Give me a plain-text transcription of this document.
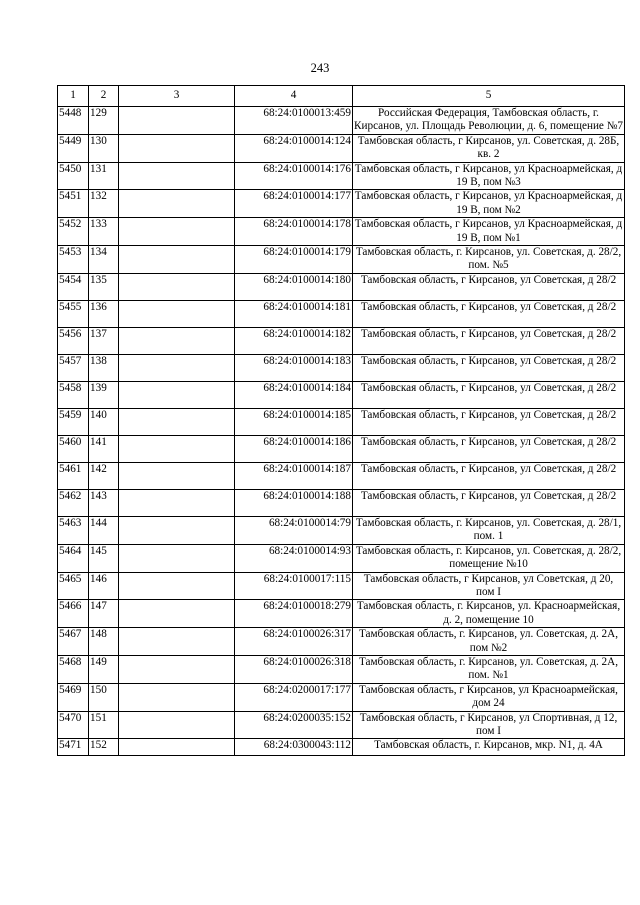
243
1	2	3	4	5
5448	129		68:24:0100013:459	Российская Федерация, Тамбовская область, г. Кирсанов, ул. Площадь Революции, д. 6, помещение №7
5449	130		68:24:0100014:124	Тамбовская область, г Кирсанов, ул. Советская, д. 28Б, кв. 2
5450	131		68:24:0100014:176	Тамбовская область, г Кирсанов, ул Красноармейская, д 19 В, пом №3
5451	132		68:24:0100014:177	Тамбовская область, г Кирсанов, ул Красноармейская, д 19 В, пом №2
5452	133		68:24:0100014:178	Тамбовская область, г Кирсанов, ул Красноармейская, д 19 В, пом №1
5453	134		68:24:0100014:179	Тамбовская область, г. Кирсанов, ул. Советская, д. 28/2, пом. №5
5454	135		68:24:0100014:180	Тамбовская область, г Кирсанов, ул Советская, д 28/2
5455	136		68:24:0100014:181	Тамбовская область, г Кирсанов, ул Советская, д 28/2
5456	137		68:24:0100014:182	Тамбовская область, г Кирсанов, ул Советская, д 28/2
5457	138		68:24:0100014:183	Тамбовская область, г Кирсанов, ул Советская, д 28/2
5458	139		68:24:0100014:184	Тамбовская область, г Кирсанов, ул Советская, д 28/2
5459	140		68:24:0100014:185	Тамбовская область, г Кирсанов, ул Советская, д 28/2
5460	141		68:24:0100014:186	Тамбовская область, г Кирсанов, ул Советская, д 28/2
5461	142		68:24:0100014:187	Тамбовская область, г Кирсанов, ул Советская, д 28/2
5462	143		68:24:0100014:188	Тамбовская область, г Кирсанов, ул Советская, д 28/2
5463	144		68:24:0100014:79	Тамбовская область, г. Кирсанов, ул. Советская, д. 28/1, пом. 1
5464	145		68:24:0100014:93	Тамбовская область, г. Кирсанов, ул. Советская, д. 28/2, помещение №10
5465	146		68:24:0100017:115	Тамбовская область, г Кирсанов, ул Советская, д 20, пом I
5466	147		68:24:0100018:279	Тамбовская область, г. Кирсанов, ул. Красноармейская, д. 2, помещение 10
5467	148		68:24:0100026:317	Тамбовская область, г. Кирсанов, ул. Советская, д. 2А, пом №2
5468	149		68:24:0100026:318	Тамбовская область, г. Кирсанов, ул. Советская, д. 2А, пом. №1
5469	150		68:24:0200017:177	Тамбовская область, г Кирсанов, ул Красноармейская, дом 24
5470	151		68:24:0200035:152	Тамбовская область, г Кирсанов, ул Спортивная, д 12, пом I
5471	152		68:24:0300043:112	Тамбовская область, г. Кирсанов, мкр. N1, д. 4А
